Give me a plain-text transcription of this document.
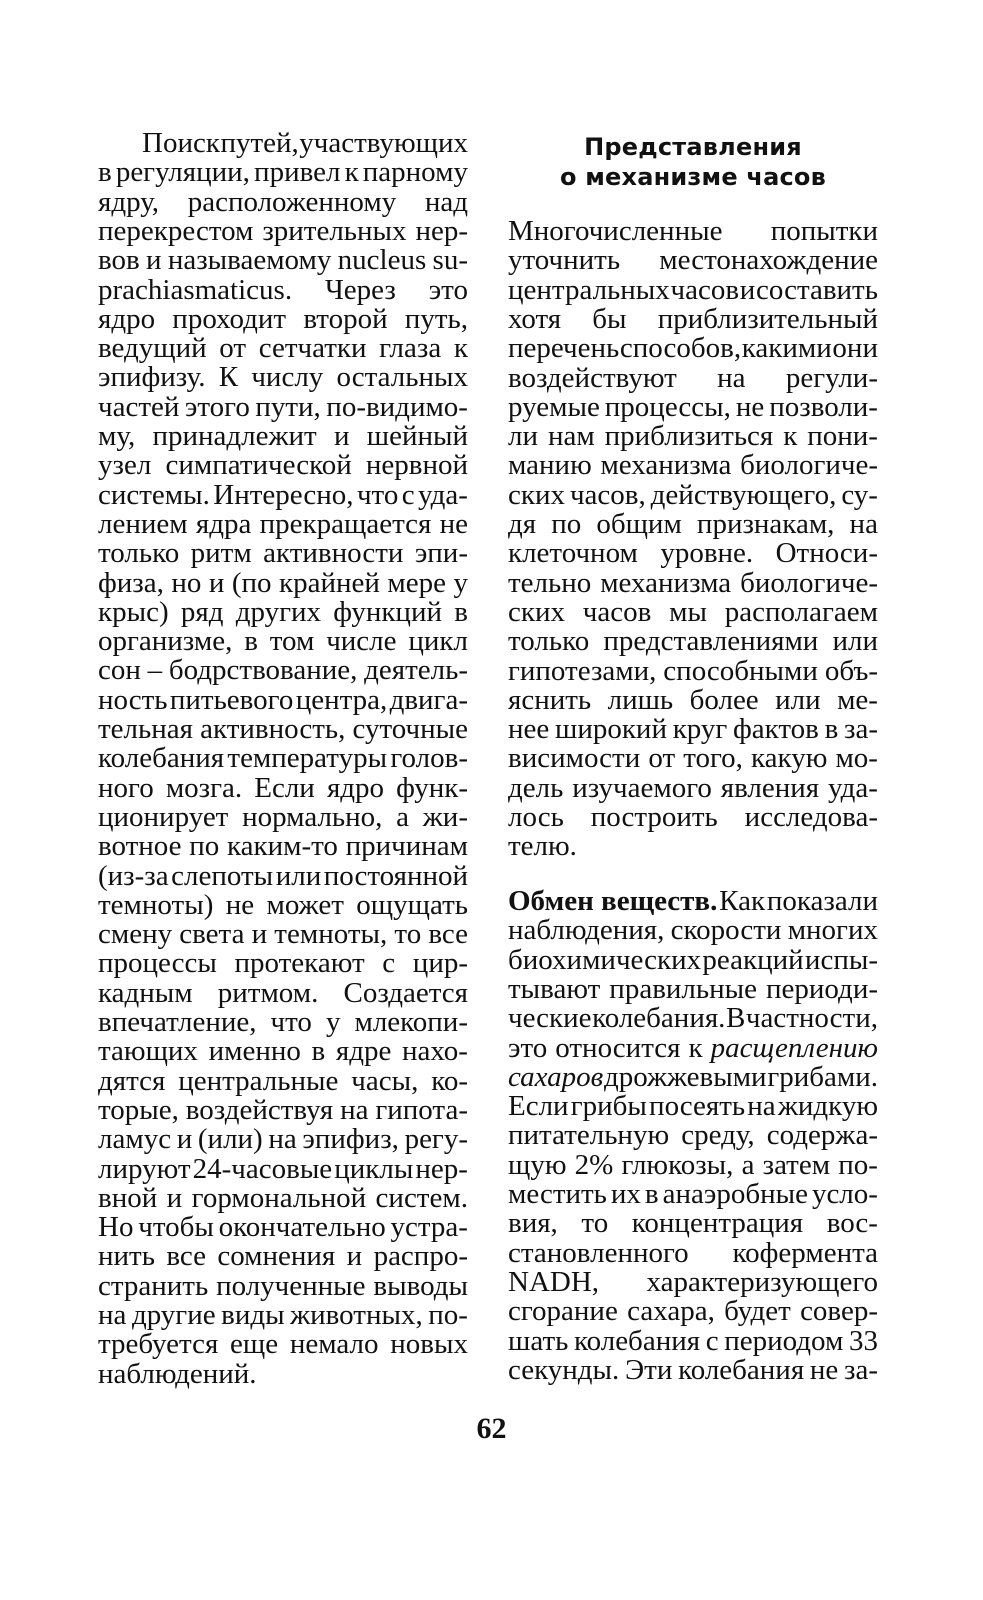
62
Поиск путей, участвующих
в регуляции, привел к парному
ядру, расположенному над
перекрестом зрительных нер-
вов и называемому nucleus su-
prachiasmaticus. Через это
ядро проходит второй путь,
ведущий от сетчатки глаза к
эпифизу. К числу остальных
частей этого пути, по-видимо-
му, принадлежит и шейный
узел симпатической нервной
системы. Интересно, что с уда-
лением ядра прекращается не
только ритм активности эпи-
физа, но и (по крайней мере у
крыс) ряд других функций в
организме, в том числе цикл
сон – бодрствование, деятель-
ность питьевого центра, двига-
тельная активность, суточные
колебания температуры голов-
ного мозга. Если ядро функ-
ционирует нормально, а жи-
вотное по каким-то причинам
(из-за слепоты или постоянной
темноты) не может ощущать
смену света и темноты, то все
процессы протекают с цир-
кадным ритмом. Создается
впечатление, что у млекопи-
тающих именно в ядре нахо-
дятся центральные часы, ко-
торые, воздействуя на гипота-
ламус и (или) на эпифиз, регу-
лируют 24-часовые циклы нер-
вной и гормональной систем.
Но чтобы окончательно устра-
нить все сомнения и распро-
странить полученные выводы
на другие виды животных, по-
требуется еще немало новых
наблюдений.
Представления
о механизме часов
Многочисленные попытки
уточнить местонахождение
центральных часов и составить
хотя бы приблизительный
перечень способов, какими они
воздействуют на регули-
руемые процессы, не позволи-
ли нам приблизиться к пони-
манию механизма биологиче-
ских часов, действующего, су-
дя по общим признакам, на
клеточном уровне. Относи-
тельно механизма биологиче-
ских часов мы располагаем
только представлениями или
гипотезами, способными объ-
яснить лишь более или ме-
нее широкий круг фактов в за-
висимости от того, какую мо-
дель изучаемого явления уда-
лось построить исследова-
телю.
Обмен веществ. Как показали
наблюдения, скорости многих
биохимических реакций испы-
тывают правильные периоди-
ческие колебания. В частности,
это относится к расщеплению
сахаров дрожжевыми грибами.
Если грибы посеять на жидкую
питательную среду, содержа-
щую 2% глюкозы, а затем по-
местить их в анаэробные усло-
вия, то концентрация вос-
становленного кофермента
NADH, характеризующего
сгорание сахара, будет совер-
шать колебания с периодом 33
секунды. Эти колебания не за-
